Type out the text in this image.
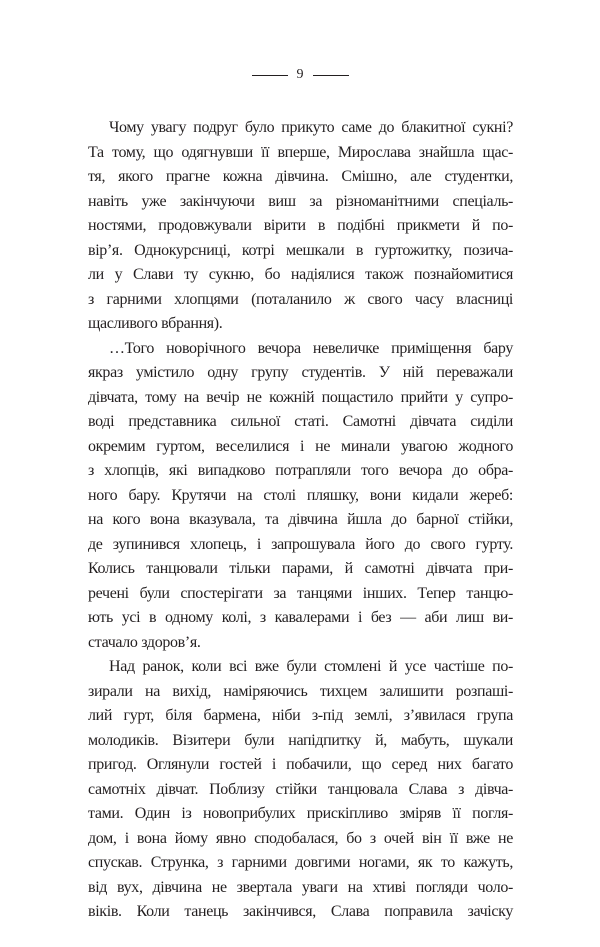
9
Чому увагу подруг було прикуто саме до блакитної сукні?
Та тому, що одягнувши її вперше, Мирослава знайшла щас-
тя, якого прагне кожна дівчина. Смішно, але студентки,
навіть уже закінчуючи виш за різноманітними спеціаль-
ностями, продовжували вірити в подібні прикмети й по-
вір’я. Однокурсниці, котрі мешкали в гуртожитку, позича-
ли у Слави ту сукню, бо надіялися також познайомитися
з гарними хлопцями (поталанило ж свого часу власниці
щасливого вбрання).
…Того новорічного вечора невеличке приміщення бару
якраз умістило одну групу студентів. У ній переважали
дівчата, тому на вечір не кожній пощастило прийти у супро-
воді представника сильної статі. Самотні дівчата сиділи
окремим гуртом, веселилися і не минали увагою жодного
з хлопців, які випадково потрапляли того вечора до обра-
ного бару. Крутячи на столі пляшку, вони кидали жереб:
на кого вона вказувала, та дівчина йшла до барної стійки,
де зупинився хлопець, і запрошувала його до свого гурту.
Колись танцювали тільки парами, й самотні дівчата при-
речені були спостерігати за танцями інших. Тепер танцю-
ють усі в одному колі, з кавалерами і без — аби лиш ви-
стачало здоров’я.
Над ранок, коли всі вже були стомлені й усе частіше по-
зирали на вихід, наміряючись тихцем залишити розпаші-
лий гурт, біля бармена, ніби з-під землі, з’явилася група
молодиків. Візитери були напідпитку й, мабуть, шукали
пригод. Оглянули гостей і побачили, що серед них багато
самотніх дівчат. Поблизу стійки танцювала Слава з дівча-
тами. Один із новоприбулих прискіпливо зміряв її погля-
дом, і вона йому явно сподобалася, бо з очей він її вже не
спускав. Струнка, з гарними довгими ногами, як то кажуть,
від вух, дівчина не звертала уваги на хтиві погляди чоло-
віків. Коли танець закінчився, Слава поправила зачіску
